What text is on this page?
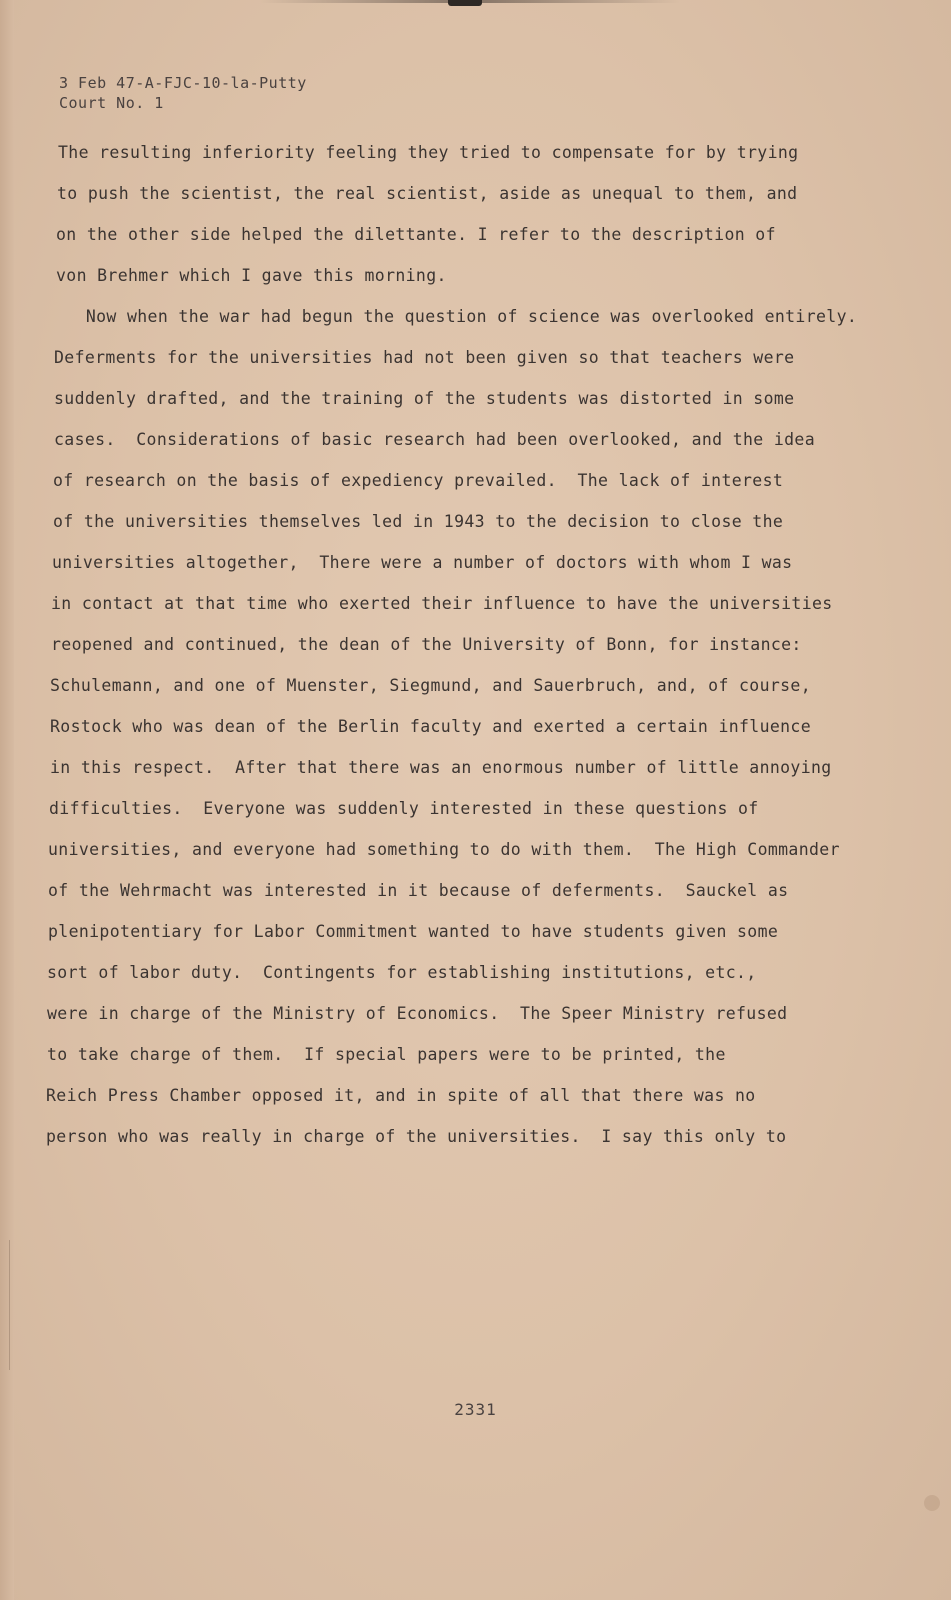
3 Feb 47-A-FJC-10-la-Putty
Court No. 1
The resulting inferiority feeling they tried to compensate for by trying
to push the scientist, the real scientist, aside as unequal to them, and
on the other side helped the dilettante. I refer to the description of
von Brehmer which I gave this morning.
Now when the war had begun the question of science was overlooked entirely.
Deferments for the universities had not been given so that teachers were
suddenly drafted, and the training of the students was distorted in some
cases.  Considerations of basic research had been overlooked, and the idea
of research on the basis of expediency prevailed.  The lack of interest
of the universities themselves led in 1943 to the decision to close the
universities altogether,  There were a number of doctors with whom I was
in contact at that time who exerted their influence to have the universities
reopened and continued, the dean of the University of Bonn, for instance:
Schulemann, and one of Muenster, Siegmund, and Sauerbruch, and, of course,
Rostock who was dean of the Berlin faculty and exerted a certain influence
in this respect.  After that there was an enormous number of little annoying
difficulties.  Everyone was suddenly interested in these questions of
universities, and everyone had something to do with them.  The High Commander
of the Wehrmacht was interested in it because of deferments.  Sauckel as
plenipotentiary for Labor Commitment wanted to have students given some
sort of labor duty.  Contingents for establishing institutions, etc.,
were in charge of the Ministry of Economics.  The Speer Ministry refused
to take charge of them.  If special papers were to be printed, the
Reich Press Chamber opposed it, and in spite of all that there was no
person who was really in charge of the universities.  I say this only to
2331
